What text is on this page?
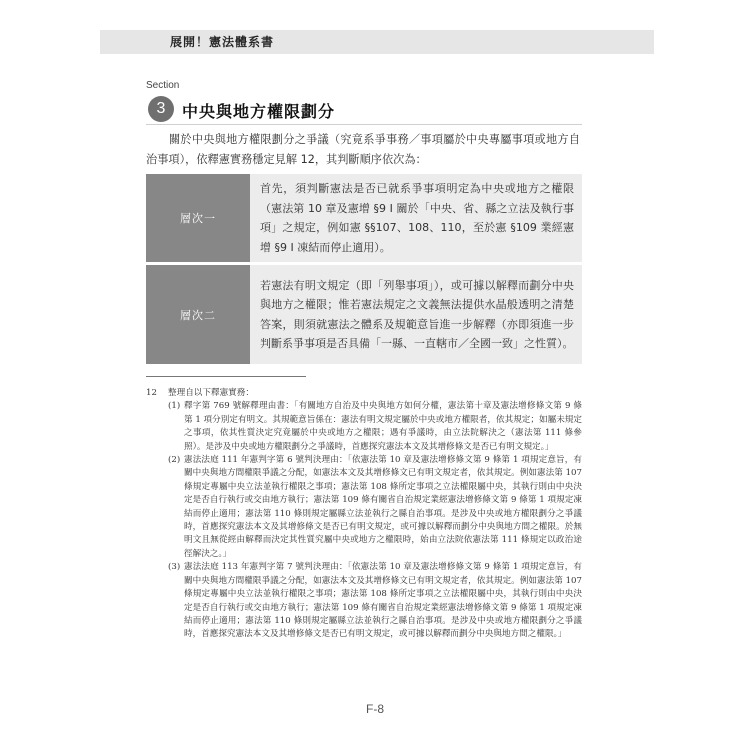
展開！憲法體系書
Section
3	中央與地方權限劃分
關於中央與地方權限劃分之爭議（究竟系爭事務／事項屬於中央專屬事項或地方自治事項），依釋憲實務穩定見解 12，其判斷順序依次為：
層次一	首先，須判斷憲法是否已就系爭事項明定為中央或地方之權限（憲法第 10 章及憲增 §9 Ⅰ 關於「中央、省、縣之立法及執行事項」之規定，例如憲 §§107、108、110，至於憲 §109 業經憲增 §9 Ⅰ 凍結而停止適用）。

層次二	若憲法有明文規定（即「列舉事項」），或可據以解釋而劃分中央與地方之權限；惟若憲法規定之文義無法提供水晶般透明之清楚答案，則須就憲法之體系及規範意旨進一步解釋（亦即須進一步判斷系爭事項是否具備「一縣、一直轄市／全國一致」之性質）。
12	整理自以下釋憲實務：
(1) 釋字第 769 號解釋理由書：「有關地方自治及中央與地方如何分權，憲法第十章及憲法增修條文第 9 條第 1 項分別定有明文。其規範意旨係在：憲法有明文規定屬於中央或地方權限者，依其規定；如屬未規定之事項，依其性質決定究竟屬於中央或地方之權限；遇有爭議時，由立法院解決之（憲法第 111 條參照）。是涉及中央或地方權限劃分之爭議時，首應探究憲法本文及其增修條文是否已有明文規定。」
(2) 憲法法庭 111 年憲判字第 6 號判決理由：「依憲法第 10 章及憲法增修條文第 9 條第 1 項規定意旨，有關中央與地方間權限爭議之分配，如憲法本文及其增修條文已有明文規定者，依其規定。例如憲法第 107 條規定專屬中央立法並執行權限之事項；憲法第 108 條所定事項之立法權限屬中央，其執行則由中央決定是否自行執行或交由地方執行；憲法第 109 條有關省自治規定業經憲法增修條文第 9 條第 1 項規定凍結而停止適用；憲法第 110 條則規定屬縣立法並執行之縣自治事項。是涉及中央或地方權限劃分之爭議時，首應探究憲法本文及其增修條文是否已有明文規定，或可據以解釋而劃分中央與地方間之權限。於無明文且無從經由解釋而決定其性質究屬中央或地方之權限時，始由立法院依憲法第 111 條規定以政治途徑解決之。」
(3) 憲法法庭 113 年憲判字第 7 號判決理由：「依憲法第 10 章及憲法增修條文第 9 條第 1 項規定意旨，有關中央與地方間權限爭議之分配，如憲法本文及其增修條文已有明文規定者，依其規定。例如憲法第 107 條規定專屬中央立法並執行權限之事項；憲法第 108 條所定事項之立法權限屬中央，其執行則由中央決定是否自行執行或交由地方執行；憲法第 109 條有關省自治規定業經憲法增修條文第 9 條第 1 項規定凍結而停止適用；憲法第 110 條則規定屬縣立法並執行之縣自治事項。是涉及中央或地方權限劃分之爭議時，首應探究憲法本文及其增修條文是否已有明文規定，或可據以解釋而劃分中央與地方間之權限。」
F-8
